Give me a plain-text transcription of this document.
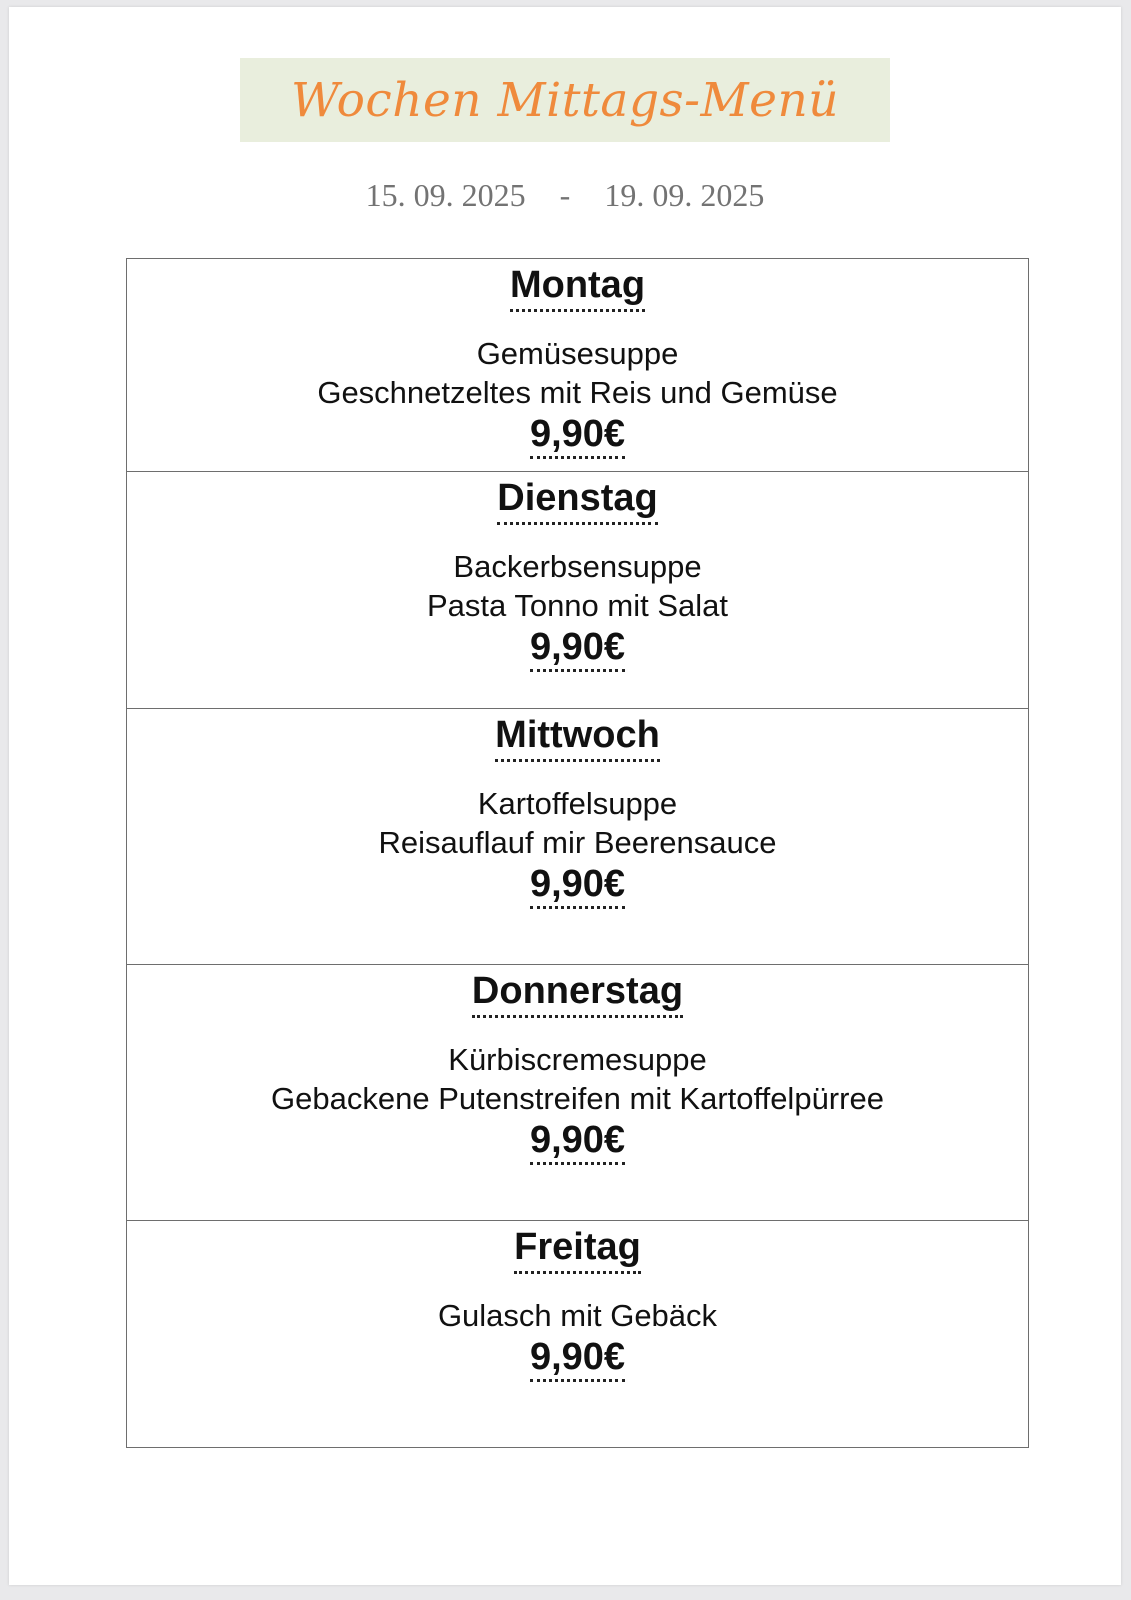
Wochen Mittags-Menü
15. 09. 2025 - 19. 09. 2025
Montag
Gemüsesuppe
Geschnetzeltes mit Reis und Gemüse
9,90€
Dienstag
Backerbsensuppe
Pasta Tonno mit Salat
9,90€
Mittwoch
Kartoffelsuppe
Reisauflauf mir Beerensauce
9,90€
Donnerstag
Kürbiscremesuppe
Gebackene Putenstreifen mit Kartoffelpürree
9,90€
Freitag
Gulasch mit Gebäck
9,90€
